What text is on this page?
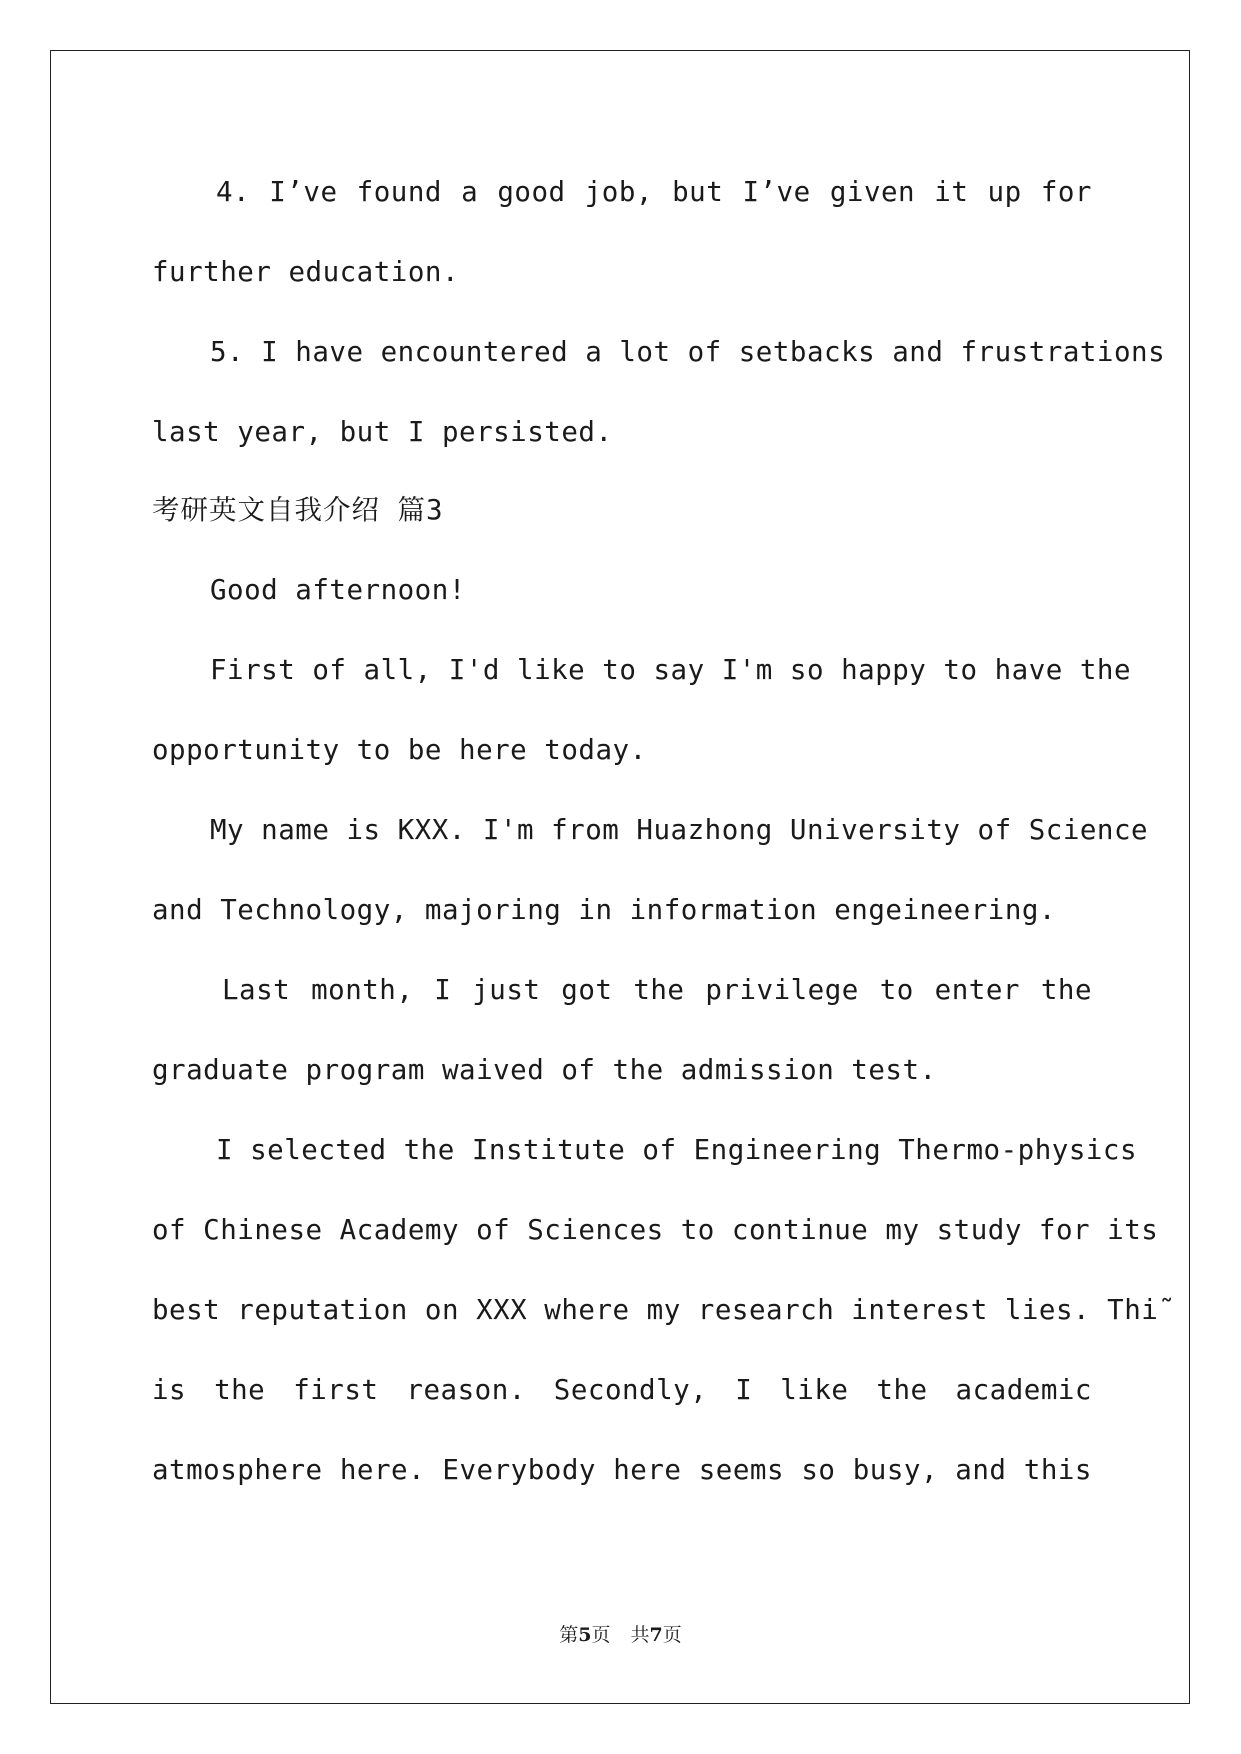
4. I’ve found a good job, but I’ve given it up for
further education.
5. I have encountered a lot of setbacks and frustrations
last year, but I persisted.
考研英文自我介绍 篇3
Good afternoon!
First of all, I'd like to say I'm so happy to have the
opportunity to be here today.
My name is KXX. I'm from Huazhong University of Science
and Technology, majoring in information engeineering.
Last month, I just got the privilege to enter the
graduate program waived of the admission test.
I selected the Institute of Engineering Thermo-physics
of Chinese Academy of Sciences to continue my study for its
best reputation on XXX where my research interest lies. Thi˜
is the first reason. Secondly, I like the academic
atmosphere here. Everybody here seems so busy, and this
第5页 共7页
